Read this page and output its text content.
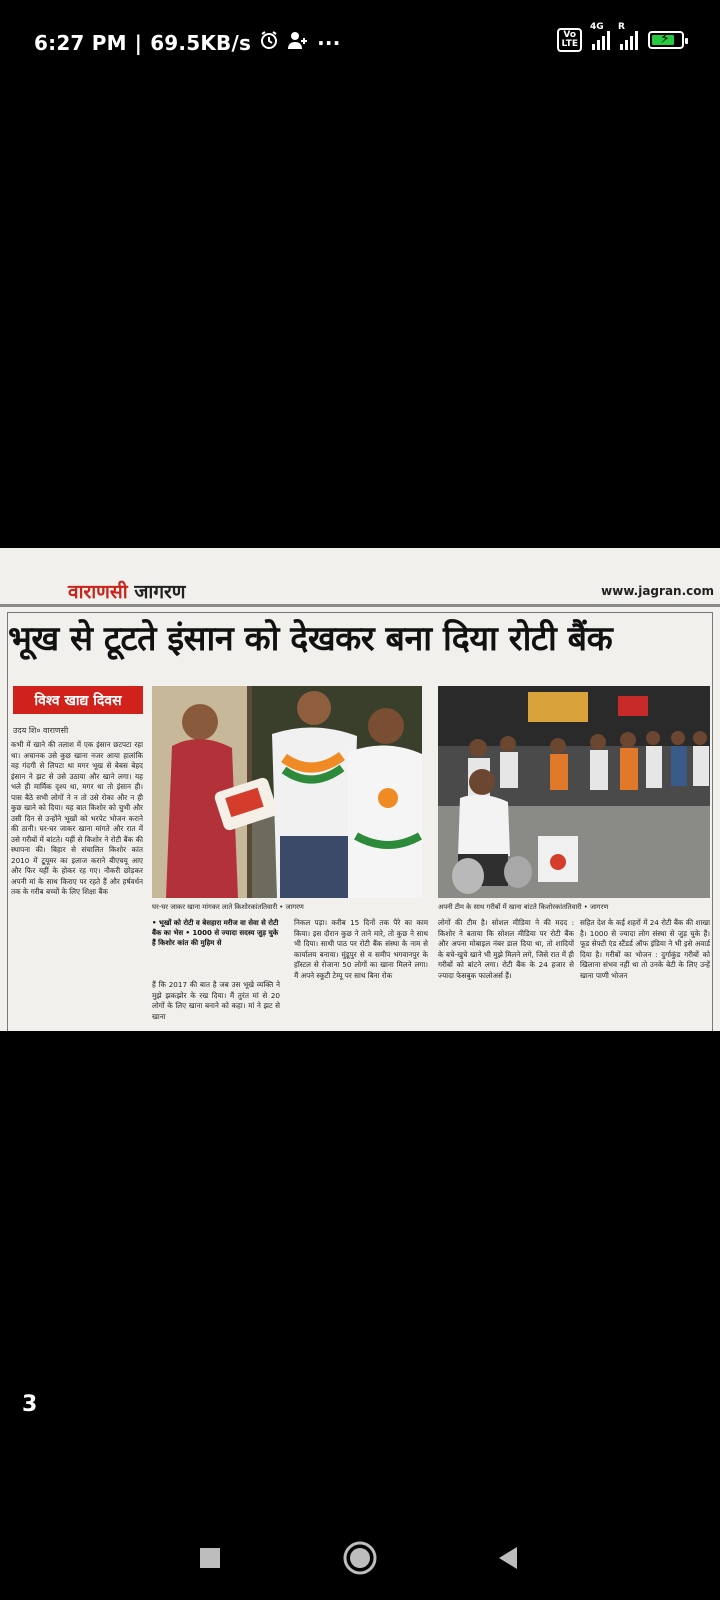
6:27 PM | 69.5KB/s	···	Vo
LTE
4G R
⚡
वाराणसी जागरण	www.jagran.com
भूख से टूटते इंसान को देखकर बना दिया रोटी बैंक
विश्व खाद्य दिवस
उदय शि० वाराणसी
कभी में खाने की तलाश में एक इंसान छटपटा रहा था। अचानक उसे कुछ खाना नजर आया हालांकि वह गंदगी से लिपटा था मगर भूख से बेबस बेहद इंसान ने झट से उसे उठाया और खाने लगा। यह भले ही मार्मिक दृश्य था, मगर था तो इंसान ही। पास बैठे सभी लोगों ने न तो उसे रोका और न ही कुछ खाने को दिया। यह बात किशोर को चुभी और उसी दिन से उन्होंने भूखों को भरपेट भोजन कराने की ठानी। घर-घर जाकर खाना मांगते और रात में उसे गरीबों में बांटते। यहीं से किशोर ने रोटी बैंक की स्थापना की। बिहार से संचालित किशोर कांत 2010 में टू्यूमर का इलाज कराने बीएचयू आए और फिर यहीं के होकर रह गए। नौकरी छोड़कर अपनी मां के साथ किराए पर रहते हैं और हर्षवर्धन तक के गरीब बच्चों के लिए शिक्षा बैंक
घर-घर जाकर खाना मांगकर लाते किशोरकांततिवारी • जागरण	अपनी टीम के साथ गरीबों में खाना बांटते किशोरकांततिवारी • जागरण
• भूखों को रोटी व बेसहारा मरीज वा सेवा से रोटी बैंक का भेस • 1000 से ज्यादा सदस्य जुड़ चुके हैं किशोर कांत की मुहिम से
हैं कि 2017 की बात है जब उस भूखे व्यक्ति ने मुझे झकझोर के रख दिया। मैं तुरंत मां से 20 लोगों के लिए खाना बनाने को कहा। मां ने झट से खाना
निकल पड़ा। करीब 15 दिनों तक पैरे का काम किया। इस दौरान कुछ ने ताने मारे, तो कुछ ने साथ भी दिया। साथी पाठ पर रोटी बैंक संस्था के नाम से कार्यालय बनाया। मुंडूपुर से व समीप भगवानपुर के हॉस्टल से रोजाना 50 लोगों का खाना मिलने लगा। मैं अपने स्कूटी टेम्पू पर साथ बिना रोक
लोगों की टीम है। सोशल मीडिया ने की मदद : किशोर ने बताया कि सोशल मीडिया पर रोटी बैंक और अपना मोबाइल नंबर डाल दिया था, तो शादियों के बचे-खुचे खाने भी मुझे मिलने लगे, जिसे रात में ही गरीबों को बांटने लगा। रोटी बैंक के 24 हजार से ज्यादा फेसबुक फालोअर्स हैं।
सहित देश के कई शहरों में 24 रोटी बैंक की शाखा है। 1000 से ज्यादा लोग संस्था से जुड़ चुके हैं। फूड सेफ्टी एंड स्टैंडर्ड ऑफ इंडिया ने भी इसे अवार्ड दिया है। गरीबों का भोजन : दुर्गाकुंड गरीबों को खिलाना संभव नहीं था तो उनके बेटी के लिए उन्हें खाना पाणी भोजन
3
